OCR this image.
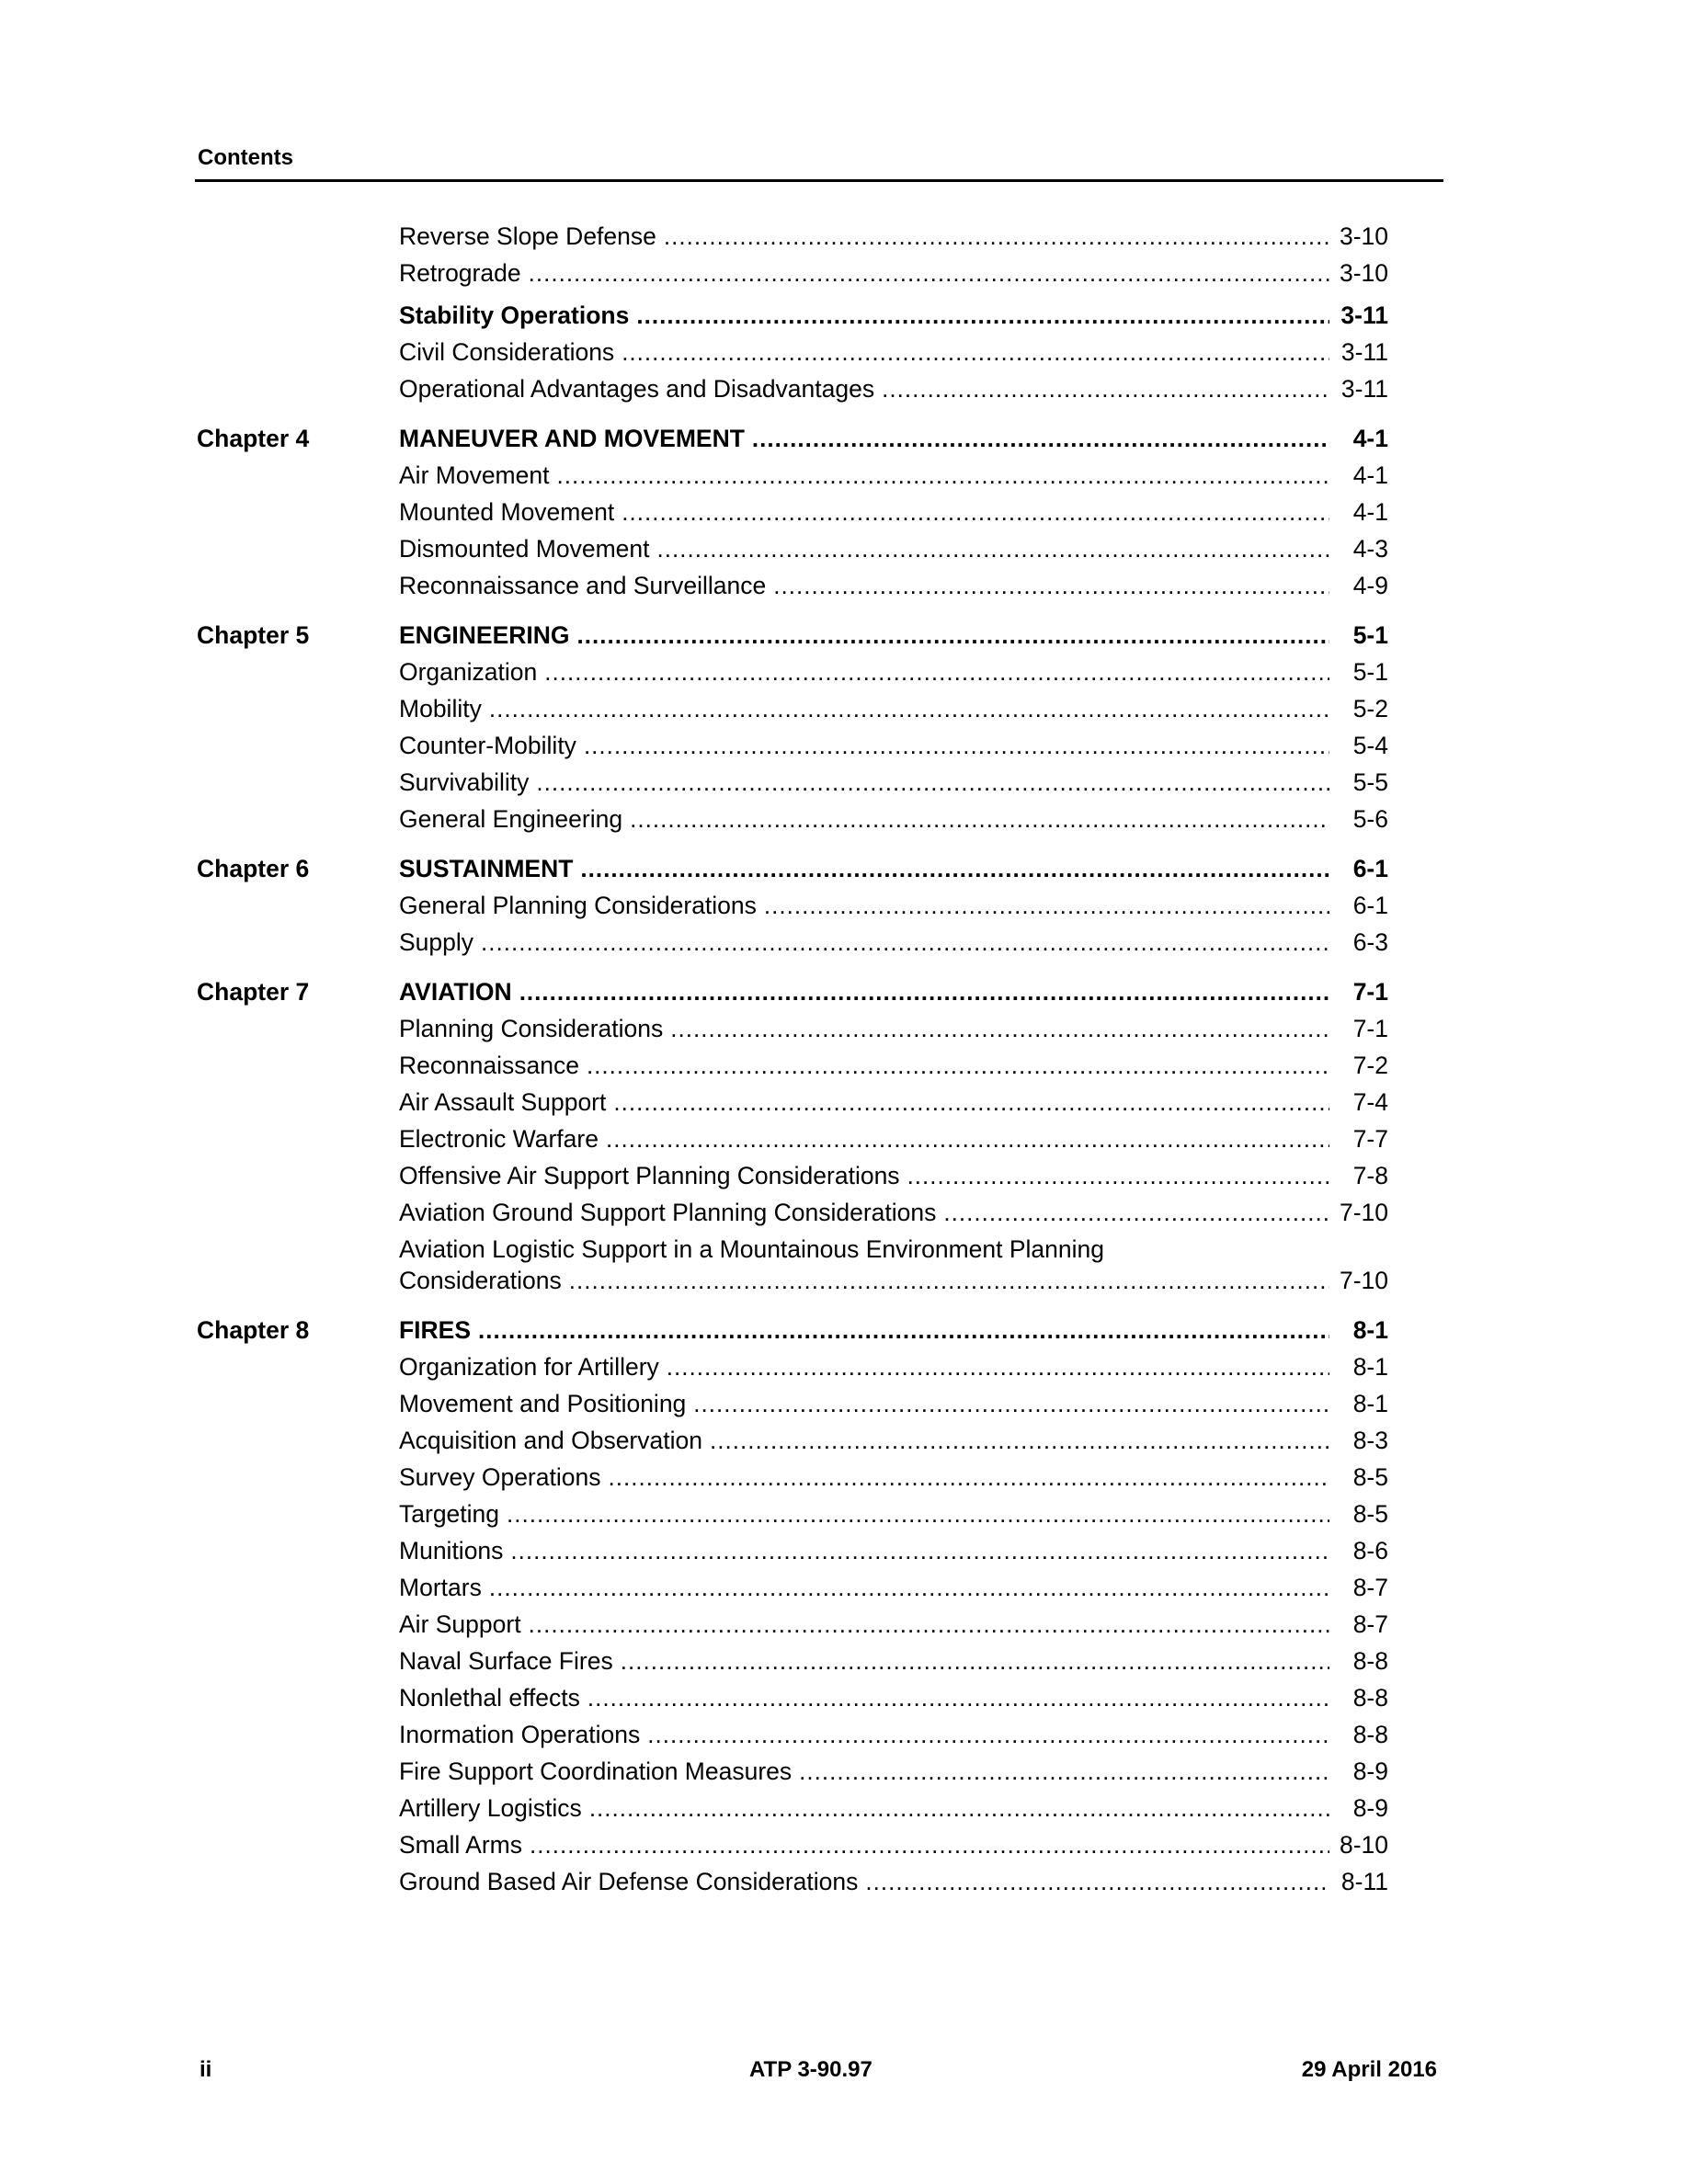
Contents
Reverse Slope Defense . . .	3-10
Retrograde . . .	3-10
Stability Operations . . .	3-11
Civil Considerations . . .	3-11
Operational Advantages and Disadvantages . . .	3-11
Chapter 4	MANEUVER AND MOVEMENT . . .	4-1
Air Movement . . .	4-1
Mounted Movement . . .	4-1
Dismounted Movement . . .	4-3
Reconnaissance and Surveillance . . .	4-9
Chapter 5	ENGINEERING . . .	5-1
Organization . . .	5-1
Mobility . . .	5-2
Counter-Mobility . . .	5-4
Survivability . . .	5-5
General Engineering . . .	5-6
Chapter 6	SUSTAINMENT . . .	6-1
General Planning Considerations . . .	6-1
Supply . . .	6-3
Chapter 7	AVIATION . . .	7-1
Planning Considerations . . .	7-1
Reconnaissance . . .	7-2
Air Assault Support . . .	7-4
Electronic Warfare . . .	7-7
Offensive Air Support Planning Considerations . . .	7-8
Aviation Ground Support Planning Considerations . . .	7-10
Aviation Logistic Support in a Mountainous Environment Planning
Considerations . . .	7-10
Chapter 8	FIRES . . .	8-1
Organization for Artillery . . .	8-1
Movement and Positioning . . .	8-1
Acquisition and Observation . . .	8-3
Survey Operations . . .	8-5
Targeting . . .	8-5
Munitions . . .	8-6
Mortars . . .	8-7
Air Support . . .	8-7
Naval Surface Fires . . .	8-8
Nonlethal effects . . .	8-8
Inormation Operations . . .	8-8
Fire Support Coordination Measures . . .	8-9
Artillery Logistics . . .	8-9
Small Arms . . .	8-10
Ground Based Air Defense Considerations . . .	8-11
ii	ATP 3-90.97	29 April 2016
